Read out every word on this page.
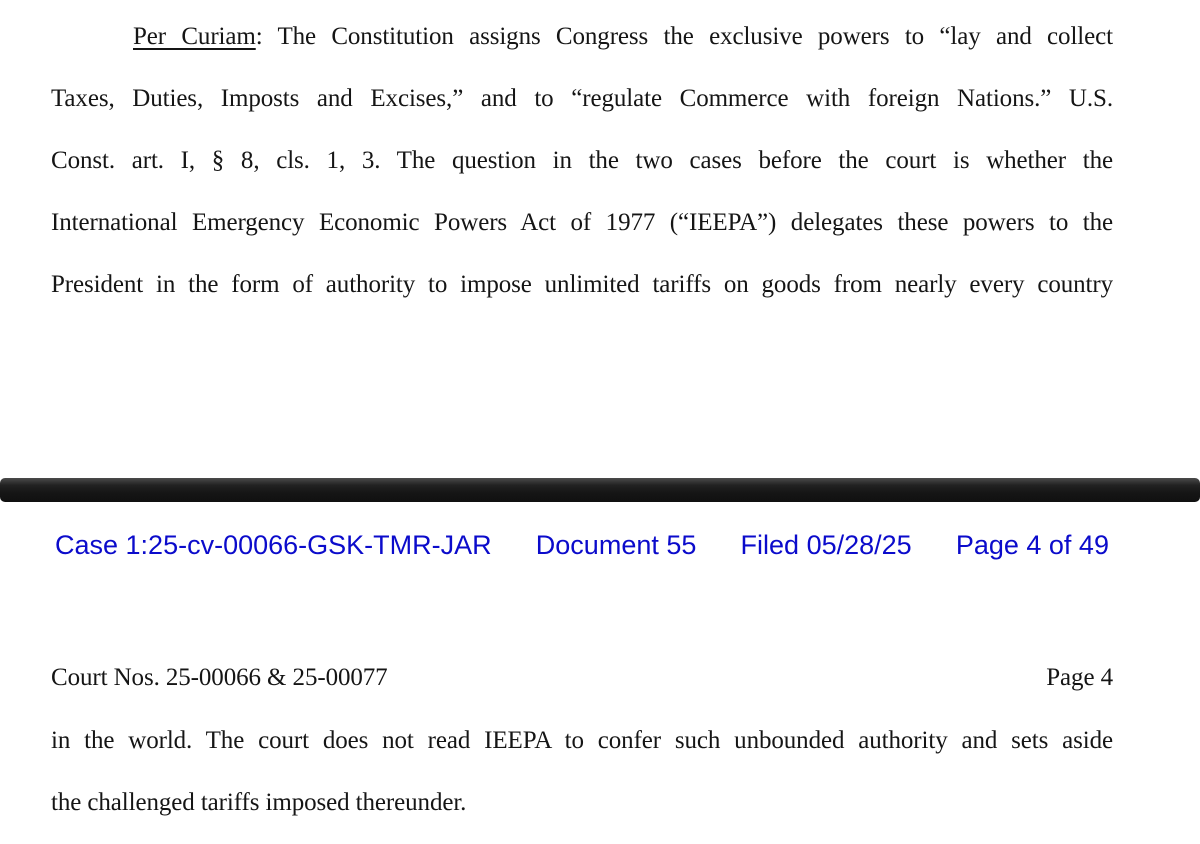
Per Curiam: The Constitution assigns Congress the exclusive powers to “lay and collect
Taxes, Duties, Imposts and Excises,” and to “regulate Commerce with foreign Nations.” U.S.
Const. art. I, § 8, cls. 1, 3. The question in the two cases before the court is whether the
International Emergency Economic Powers Act of 1977 (“IEEPA”) delegates these powers to the
President in the form of authority to impose unlimited tariffs on goods from nearly every country
Case 1:25-cv-00066-GSK-TMR-JAR Document 55 Filed 05/28/25 Page 4 of 49
Court Nos. 25-00066 & 25-00077	Page 4
in the world. The court does not read IEEPA to confer such unbounded authority and sets aside
the challenged tariffs imposed thereunder.
